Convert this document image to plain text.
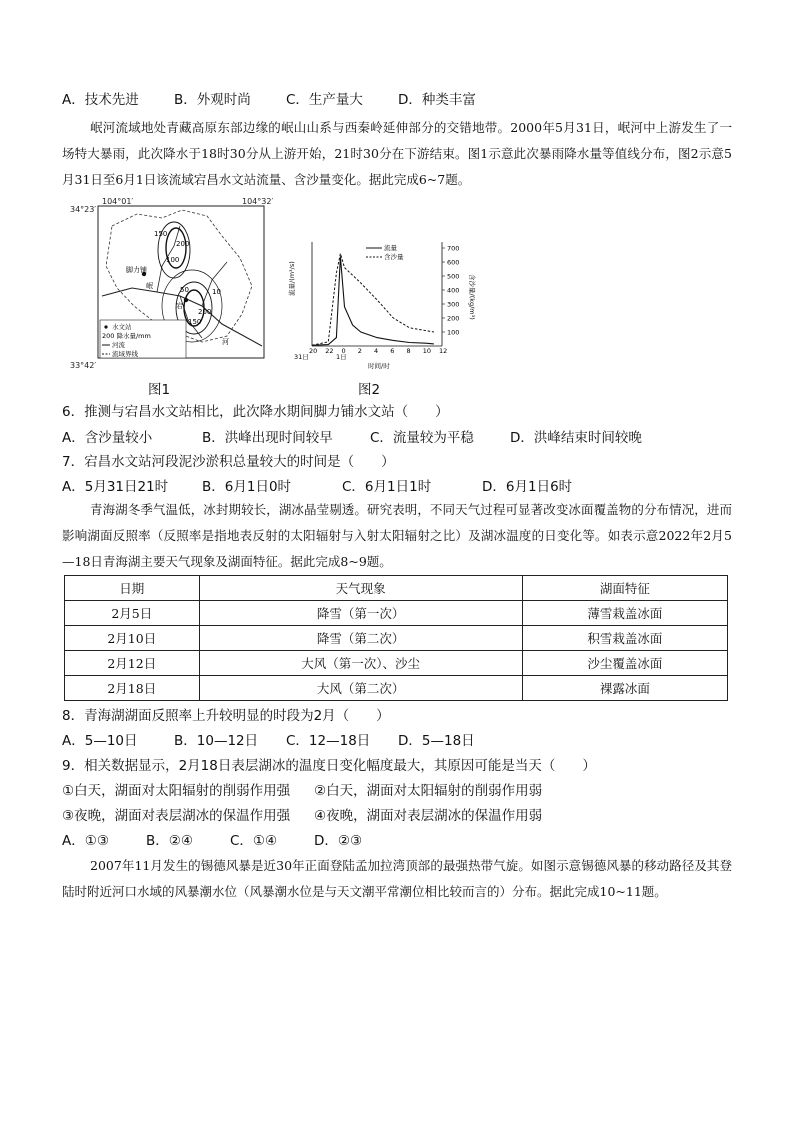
A．技术先进	B．外观时尚	C．生产量大	D．种类丰富
岷河流域地处青藏高原东部边缘的岷山山系与西秦岭延伸部分的交错地带。2000年5月31日，岷河中上游发生了一场特大暴雨，此次降水于18时30分从上游开始，21时30分在下游结束。图1示意此次暴雨降水量等值线分布，图2示意5月31日至6月1日该流域宕昌水文站流量、含沙量变化。据此完成6~7题。
34°23′
33°42′
104°01′	104°32′
150
200
100
50	10
200
150
脚力铺
岷
宕
河
水文站
200 降水量/mm
河流
流域界线
图1
流量/(m³/s)	含沙量/(kg/m³)
100
200
300
400
500
600
700
20 22 0 2 4 6 8 10 12
31日	1日
时间/时
流量
含沙量
图2
6．推测与宕昌水文站相比，此次降水期间脚力铺水文站（　　）
A．含沙量较小	B．洪峰出现时间较早	C．流量较为平稳	D．洪峰结束时间较晚
7．宕昌水文站河段泥沙淤积总量较大的时间是（　　）
A．5月31日21时	B．6月1日0时	C．6月1日1时	D．6月1日6时
青海湖冬季气温低，冰封期较长，湖冰晶莹剔透。研究表明，不同天气过程可显著改变冰面覆盖物的分布情况，进而影响湖面反照率（反照率是指地表反射的太阳辐射与入射太阳辐射之比）及湖冰温度的日变化等。如表示意2022年2月5—18日青海湖主要天气现象及湖面特征。据此完成8~9题。
日期	天气现象	湖面特征
2月5日	降雪（第一次）	薄雪栽盖冰面
2月10日	降雪（第二次）	积雪栽盖冰面
2月12日	大风（第一次）、沙尘	沙尘覆盖冰面
2月18日	大风（第二次）	裸露冰面
8．青海湖湖面反照率上升较明显的时段为2月（　　）
A．5—10日	B．10—12日 C．12—18日 D．5—18日
9．相关数据显示，2月18日表层湖冰的温度日变化幅度最大，其原因可能是当天（　　）
①白天，湖面对太阳辐射的削弱作用强 ②白天，湖面对太阳辐射的削弱作用弱
③夜晚，湖面对表层湖冰的保温作用强 ④夜晚，湖面对表层湖冰的保温作用弱
A．①③	B．②④	C．①④	D．②③
2007年11月发生的锡德风暴是近30年正面登陆孟加拉湾顶部的最强热带气旋。如图示意锡德风暴的移动路径及其登陆时附近河口水域的风暴潮水位（风暴潮水位是与天文潮平常潮位相比较而言的）分布。据此完成10~11题。
